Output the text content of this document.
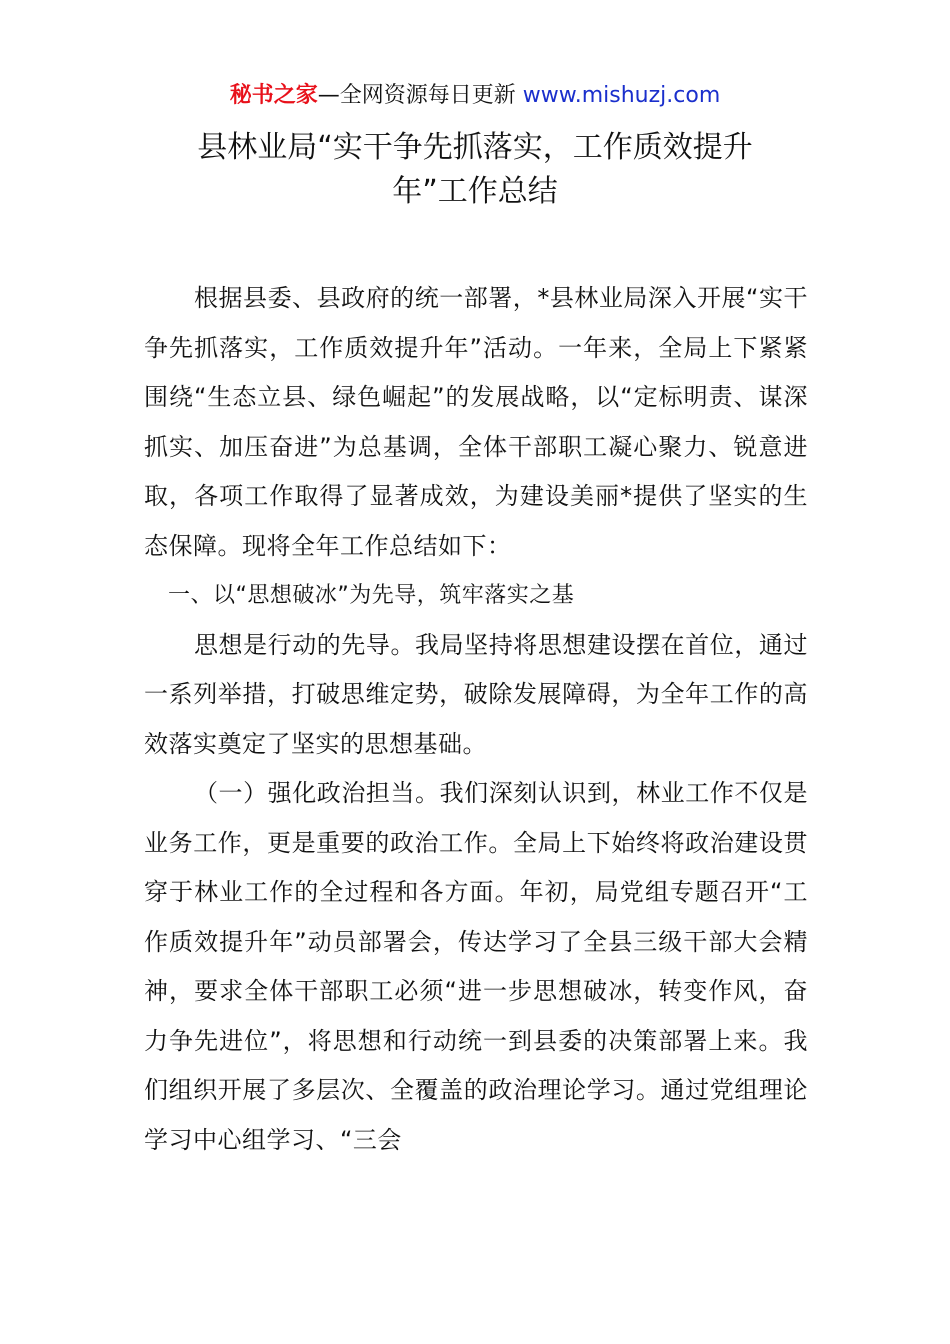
秘书之家—全网资源每日更新 www.mishuzj.com
县林业局“实干争先抓落实，工作质效提升
年”工作总结

根据县委、县政府的统一部署，*县林业局深入开展“实干争先抓落实，工作质效提升年”活动。一年来，全局上下紧紧围绕“生态立县、绿色崛起”的发展战略，以“定标明责、谋深抓实、加压奋进”为总基调，全体干部职工凝心聚力、锐意进取，各项工作取得了显著成效，为建设美丽*提供了坚实的生态保障。现将全年工作总结如下：

一、以“思想破冰”为先导，筑牢落实之基

思想是行动的先导。我局坚持将思想建设摆在首位，通过一系列举措，打破思维定势，破除发展障碍，为全年工作的高效落实奠定了坚实的思想基础。

（一）强化政治担当。我们深刻认识到，林业工作不仅是业务工作，更是重要的政治工作。全局上下始终将政治建设贯穿于林业工作的全过程和各方面。年初，局党组专题召开“工作质效提升年”动员部署会，传达学习了全县三级干部大会精神，要求全体干部职工必须“进一步思想破冰，转变作风，奋力争先进位”，将思想和行动统一到县委的决策部署上来。我们组织开展了多层次、全覆盖的政治理论学习。通过党组理论学习中心组学习、“三会
